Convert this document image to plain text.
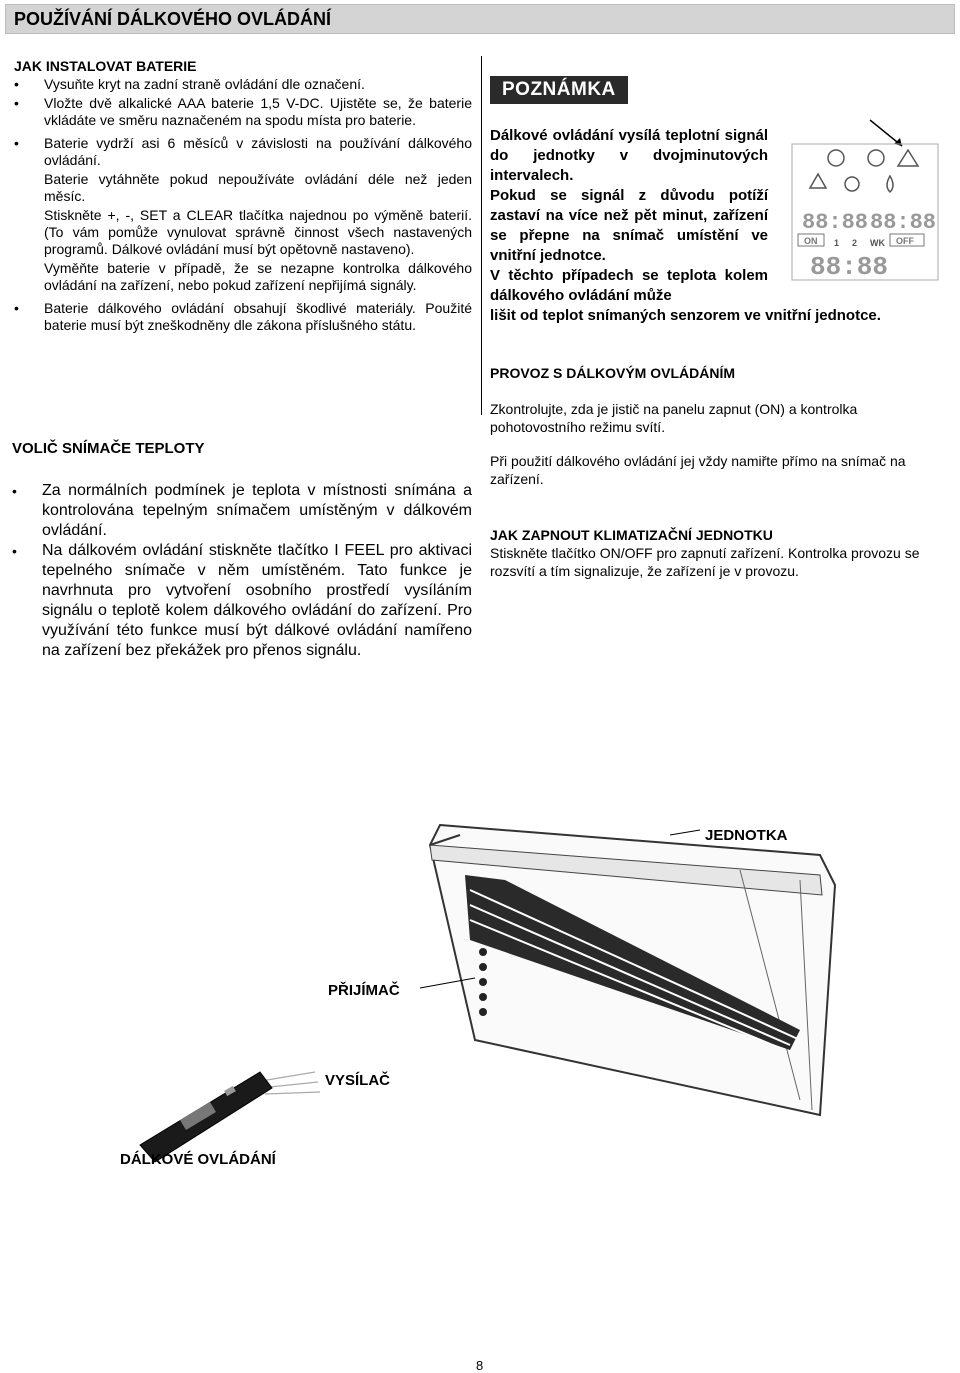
POUŽÍVÁNÍ DÁLKOVÉHO OVLÁDÁNÍ

JAK INSTALOVAT BATERIE

• Vysuňte kryt na zadní straně ovládání dle označení.

• Vložte dvě alkalické AAA baterie 1,5 V-DC. Ujistěte se, že baterie vkládáte ve směru naznačeném na spodu místa pro baterie.

• Baterie vydrží asi 6 měsíců v závislosti na používání dálkového ovládání.

Baterie vytáhněte pokud nepoužíváte ovládání déle než jeden měsíc.

Stiskněte +, -, SET a CLEAR tlačítka najednou po výměně baterií. (To vám pomůže vynulovat správně činnost všech nastavených programů. Dálkové ovládání musí být opětovně nastaveno).

Vyměňte baterie v případě, že se nezapne kontrolka dálkového ovládání na zařízení, nebo pokud zařízení nepřijímá signály.

• Baterie dálkového ovládání obsahují škodlivé materiály. Použité baterie musí být zneškodněny dle zákona příslušného státu.

VOLIČ SNÍMAČE TEPLOTY

• Za normálních podmínek je teplota v místnosti snímána a kontrolována tepelným snímačem umístěným v dálkovém ovládání.

• Na dálkovém ovládání stiskněte tlačítko I FEEL pro aktivaci tepelného snímače v něm umístěném. Tato funkce je navrhnuta pro vytvoření osobního prostředí vysíláním signálu o teplotě kolem dálkového ovládání do zařízení. Pro využívání této funkce musí být dálkové ovládání namířeno na zařízení bez překážek pro přenos signálu.

POZNÁMKA
Dálkové ovládání vysílá teplotní signál do jednotky v dvojminutových intervalech.
Pokud se signál z důvodu potíží zastaví na více než pět minut, zařízení se přepne na snímač umístění ve vnitřní jednotce.
V těchto případech se teplota kolem dálkového ovládání může
lišit od teplot snímaných senzorem ve vnitřní jednotce.
88:88 88:88
ON 1 2 WK OFF
88:88
PROVOZ S DÁLKOVÝM OVLÁDÁNÍM
Zkontrolujte, zda je jistič na panelu zapnut (ON) a kontrolka pohotovostního režimu svítí.
Při použití dálkového ovládání jej vždy namiřte přímo na snímač na zařízení.
JAK ZAPNOUT KLIMATIZAČNÍ JEDNOTKU
Stiskněte tlačítko ON/OFF pro zapnutí zařízení. Kontrolka provozu se rozsvítí a tím signalizuje, že zařízení je v provozu.
JEDNOTKA
PŘIJÍMAČ
VYSÍLAČ
DÁLKOVÉ OVLÁDÁNÍ
8
